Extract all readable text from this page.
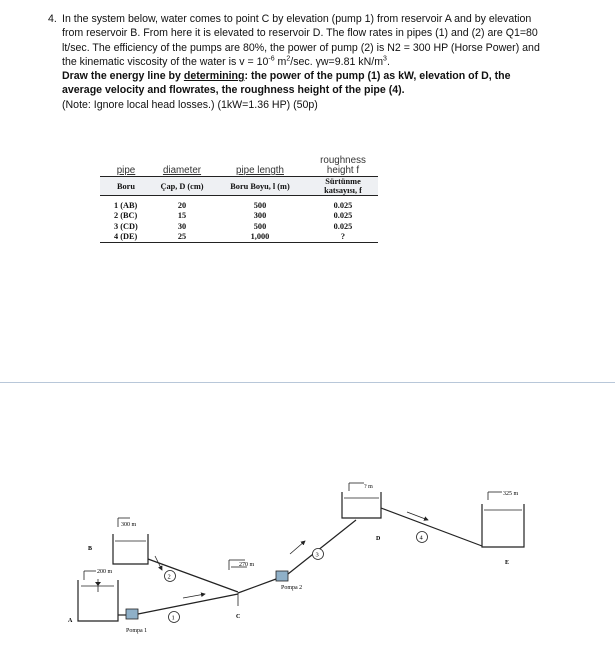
4. In the system below, water comes to point C by elevation (pump 1) from reservoir A and by elevation from reservoir B. From here it is elevated to reservoir D. The flow rates in pipes (1) and (2) are Q1=80 lt/sec. The efficiency of the pumps are 80%, the power of pump (2) is N2 = 300 HP (Horse Power) and the kinematic viscosity of the water is $v = 10^{-6}$ $m^2/\sec$. γw=9.81 $kN/m^3$.

Draw the energy line by determining: the power of the pump (1) as kW, elevation of D, the average velocity and flowrates, the roughness height of the pipe (4).

(Note: Ignore local head losses.) (1kW=1.36 HP) (50p)

pipe	diameter	pipe length	roughness height f
Boru	Çap, D (cm)	Boru Boyu, l (m)	Sürtünme katsayısı, f

1 (AB)	20	500	0.025
2 (BC)	15	300	0.025
3 (CD)	30	500	0.025
4 (DE)	25	1,000	?
200 m
A
Pompa 1
300 m
B
1
2
270 m
C
Pompa 2
3
? m
D	4
325 m
E
